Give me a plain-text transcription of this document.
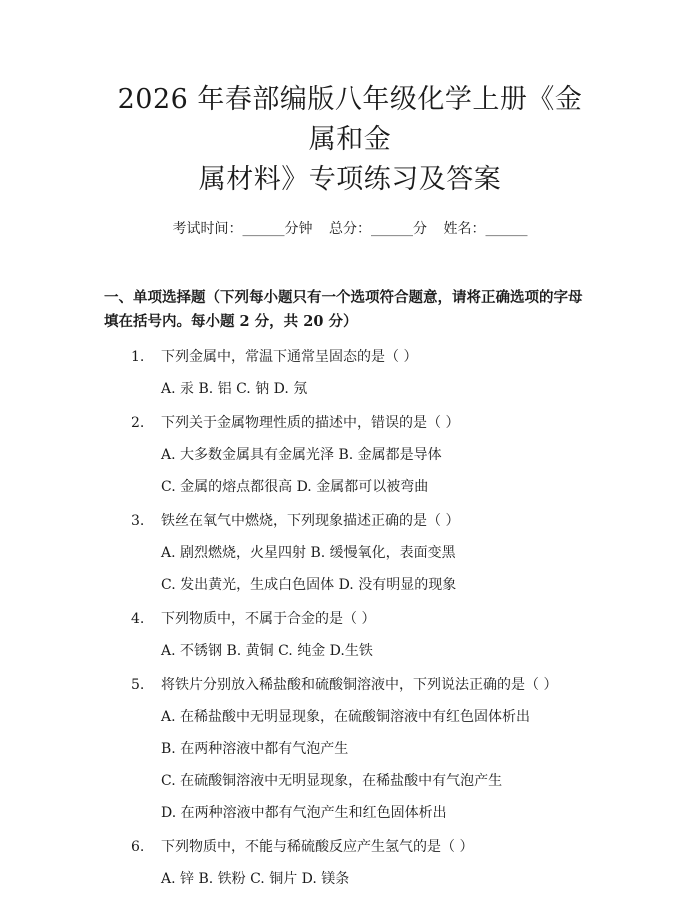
2026 年春部编版八年级化学上册《金属和金
属材料》专项练习及答案
考试时间：______分钟 总分：______分 姓名：______
一、单项选择题（下列每小题只有一个选项符合题意，请将正确选项的字母填在括号内。每小题 2 分，共 20 分）
1. 下列金属中，常温下通常呈固态的是（ ）
A. 汞 B. 铝 C. 钠 D. 氖
2. 下列关于金属物理性质的描述中，错误的是（ ）
A. 大多数金属具有金属光泽 B. 金属都是导体
C. 金属的熔点都很高 D. 金属都可以被弯曲
3. 铁丝在氧气中燃烧，下列现象描述正确的是（ ）
A. 剧烈燃烧，火星四射 B. 缓慢氧化，表面变黑
C. 发出黄光，生成白色固体 D. 没有明显的现象
4. 下列物质中，不属于合金的是（ ）
A. 不锈钢 B. 黄铜 C. 纯金 D.生铁
5. 将铁片分别放入稀盐酸和硫酸铜溶液中，下列说法正确的是（ ）
A. 在稀盐酸中无明显现象，在硫酸铜溶液中有红色固体析出
B. 在两种溶液中都有气泡产生
C. 在硫酸铜溶液中无明显现象，在稀盐酸中有气泡产生
D. 在两种溶液中都有气泡产生和红色固体析出
6. 下列物质中，不能与稀硫酸反应产生氢气的是（ ）
A. 锌 B. 铁粉 C. 铜片 D. 镁条
